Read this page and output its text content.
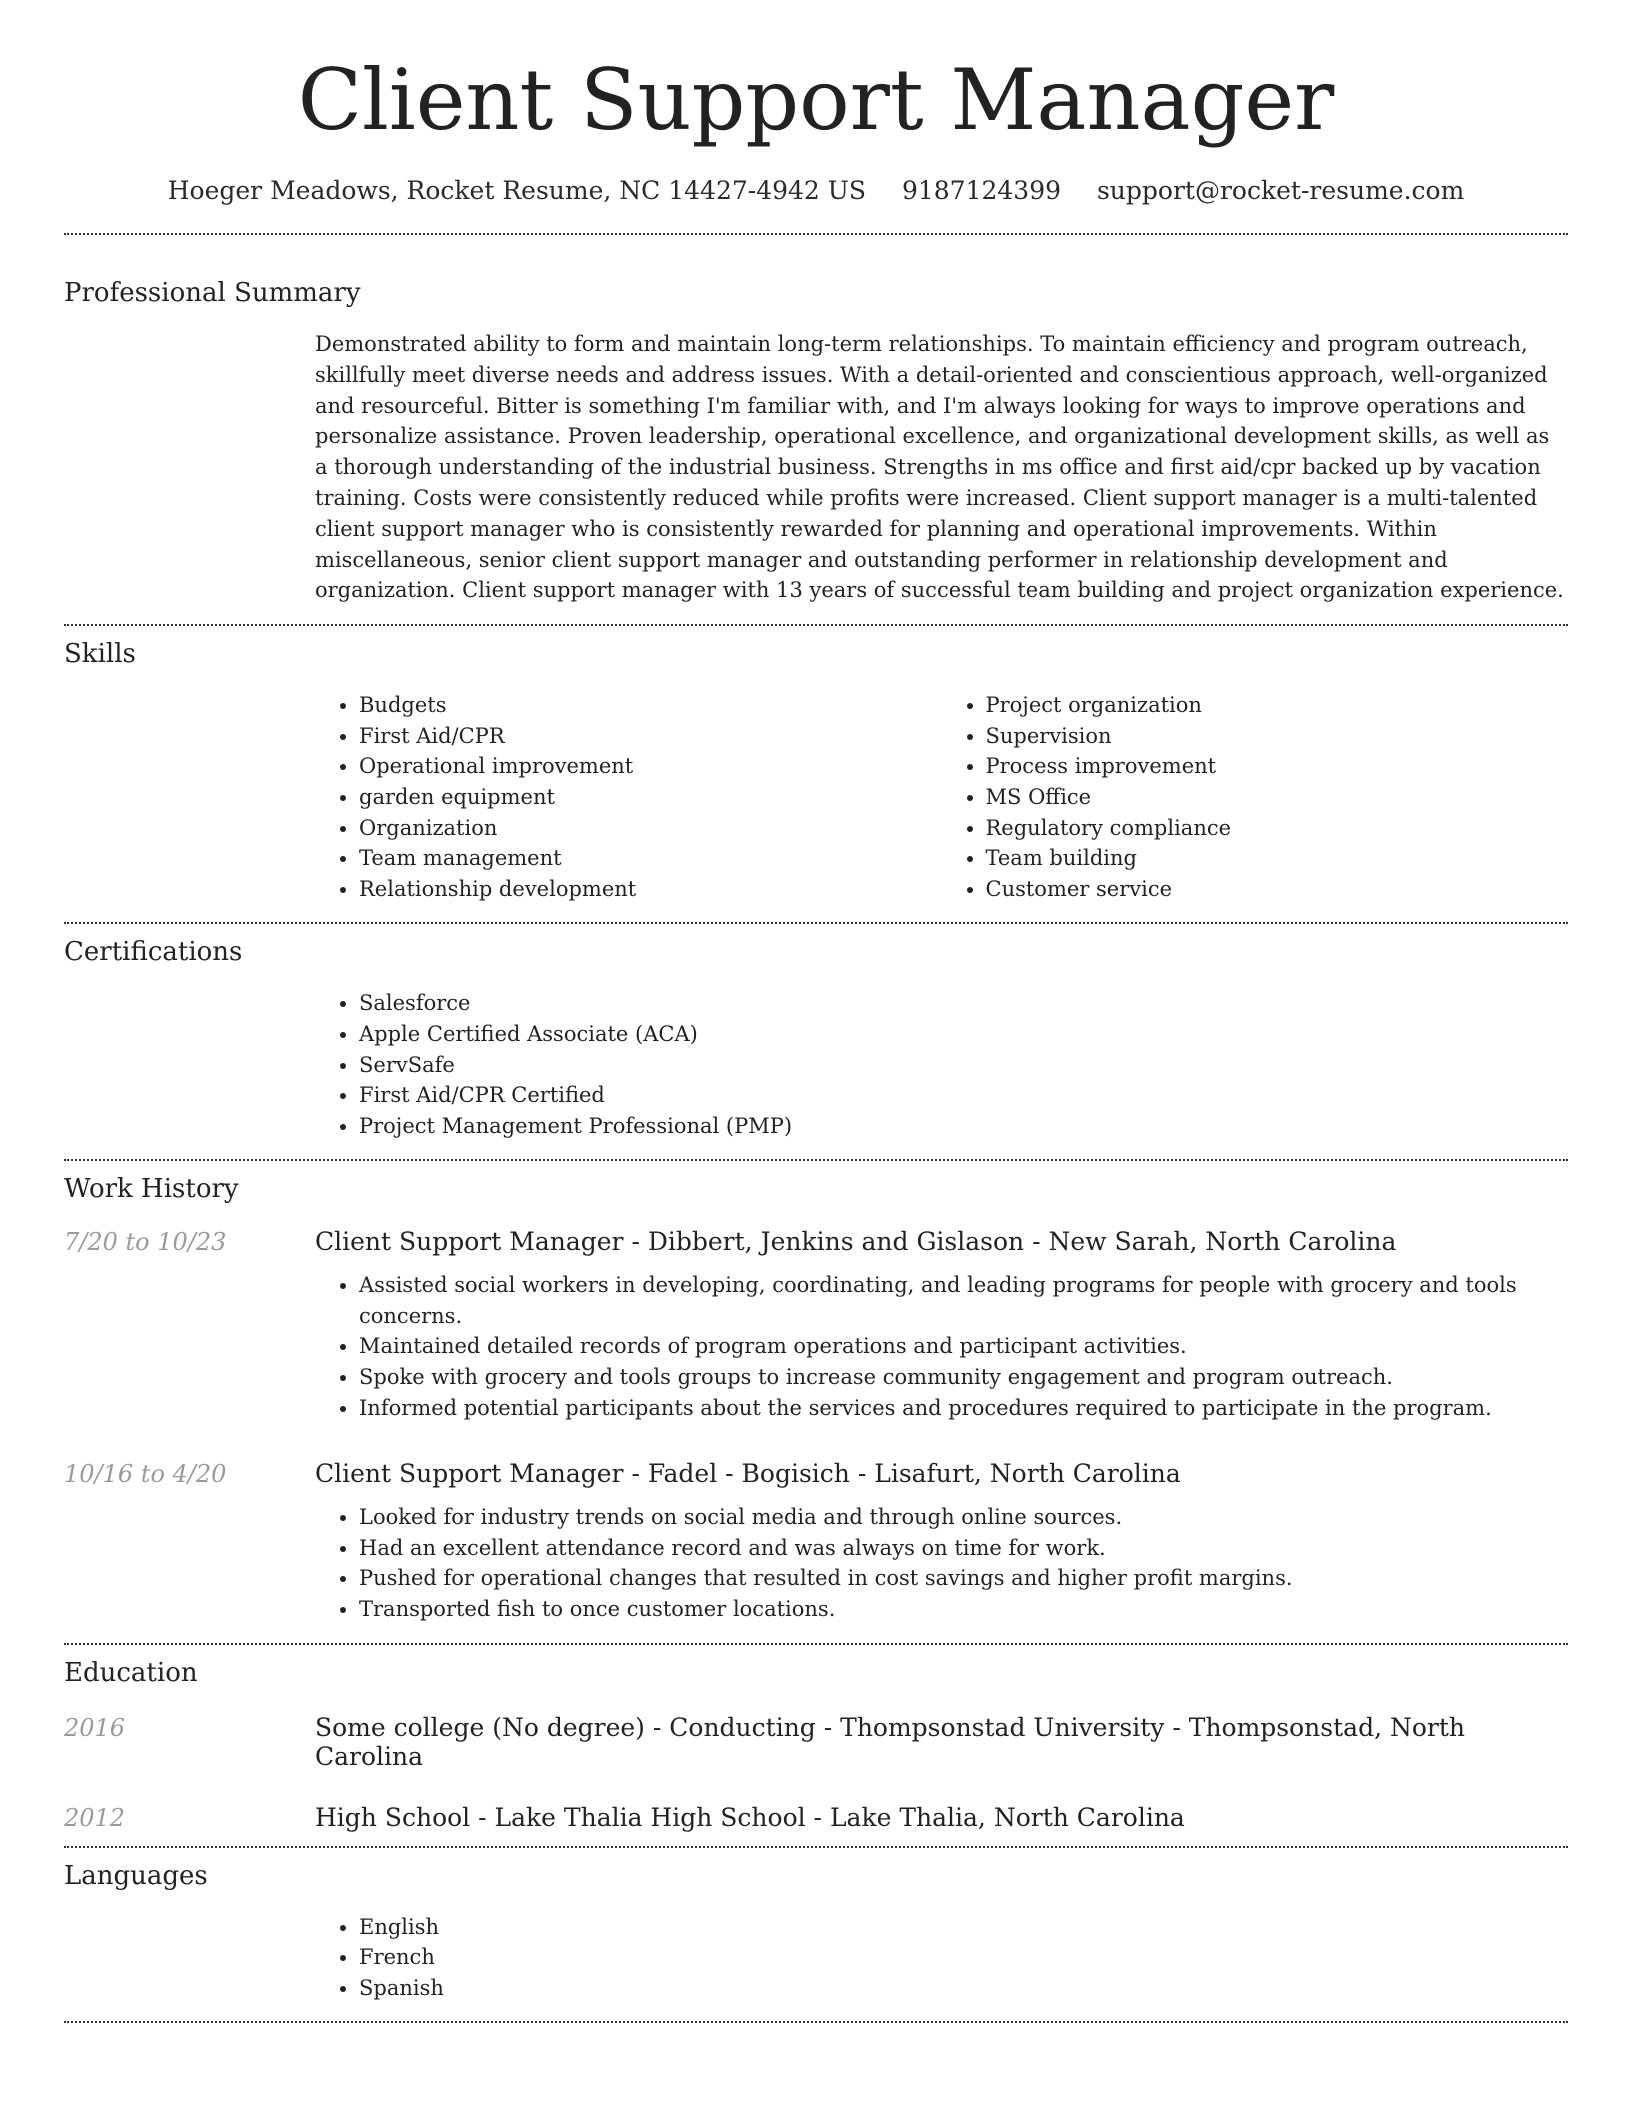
Client Support Manager
Hoeger Meadows, Rocket Resume, NC 14427-4942 US 9187124399 support@rocket-resume.com
Professional Summary

Demonstrated ability to form and maintain long-term relationships. To maintain efficiency and program outreach, skillfully meet diverse needs and address issues. With a detail-oriented and conscientious approach, well-organized and resourceful. Bitter is something I'm familiar with, and I'm always looking for ways to improve operations and personalize assistance. Proven leadership, operational excellence, and organizational development skills, as well as a thorough understanding of the industrial business. Strengths in ms office and first aid/cpr backed up by vacation training. Costs were consistently reduced while profits were increased. Client support manager is a multi-talented client support manager who is consistently rewarded for planning and operational improvements. Within miscellaneous, senior client support manager and outstanding performer in relationship development and organization. Client support manager with 13 years of successful team building and project organization experience.

Skills
• Budgets
• First Aid/CPR
• Operational improvement
• garden equipment
• Organization
• Team management
• Relationship development
• Project organization
• Supervision
• Process improvement
• MS Office
• Regulatory compliance
• Team building
• Customer service
Certifications
• Salesforce
• Apple Certified Associate (ACA)
• ServSafe
• First Aid/CPR Certified
• Project Management Professional (PMP)
Work History
7/20 to 10/23	Client Support Manager - Dibbert, Jenkins and Gislason - New Sarah, North Carolina
• Assisted social workers in developing, coordinating, and leading programs for people with grocery and tools concerns.
• Maintained detailed records of program operations and participant activities.
• Spoke with grocery and tools groups to increase community engagement and program outreach.
• Informed potential participants about the services and procedures required to participate in the program.
10/16 to 4/20	Client Support Manager - Fadel - Bogisich - Lisafurt, North Carolina
• Looked for industry trends on social media and through online sources.
• Had an excellent attendance record and was always on time for work.
• Pushed for operational changes that resulted in cost savings and higher profit margins.
• Transported fish to once customer locations.
Education
2016	Some college (No degree) - Conducting - Thompsonstad University - Thompsonstad, North Carolina
2012	High School - Lake Thalia High School - Lake Thalia, North Carolina
Languages
• English
• French
• Spanish
